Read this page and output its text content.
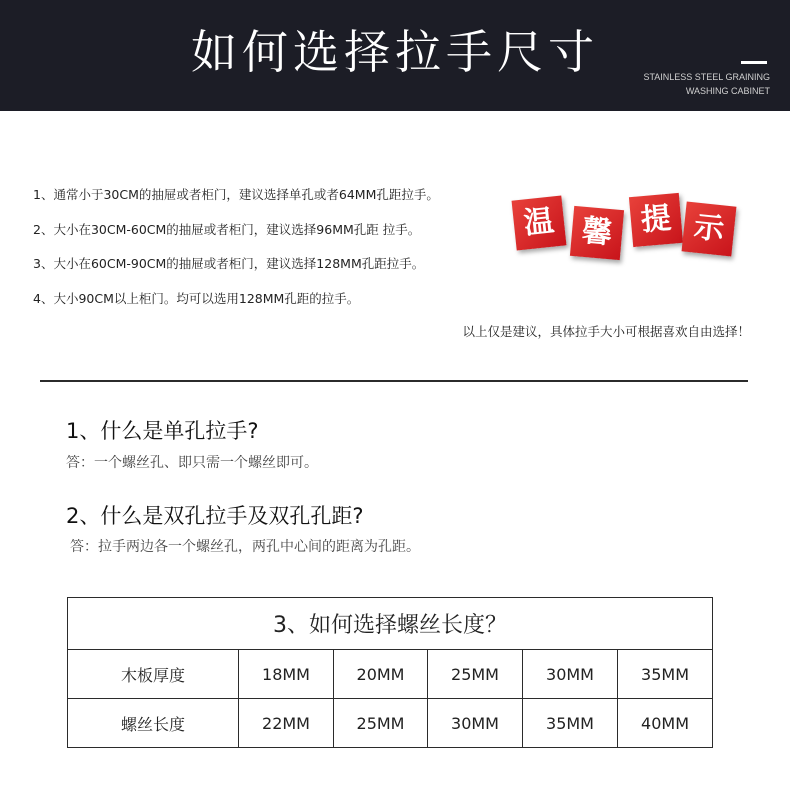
如何选择拉手尺寸	STAINLESS STEEL GRAINING
WASHING CABINET
1、通常小于30CM的抽屉或者柜门，建议选择单孔或者64MM孔距拉手。
2、大小在30CM-60CM的抽屉或者柜门，建议选择96MM孔距 拉手。
3、大小在60CM-90CM的抽屉或者柜门，建议选择128MM孔距拉手。
4、大小90CM以上柜门。均可以选用128MM孔距的拉手。
温 馨 提 示
以上仅是建议，具体拉手大小可根据喜欢自由选择！
1、什么是单孔拉手?
答：一个螺丝孔、即只需一个螺丝即可。
2、什么是双孔拉手及双孔孔距?
答：拉手两边各一个螺丝孔，两孔中心间的距离为孔距。
3、如何选择螺丝长度？					
木板厚度	18MM	20MM	25MM	30MM	35MM
螺丝长度	22MM	25MM	30MM	35MM	40MM
